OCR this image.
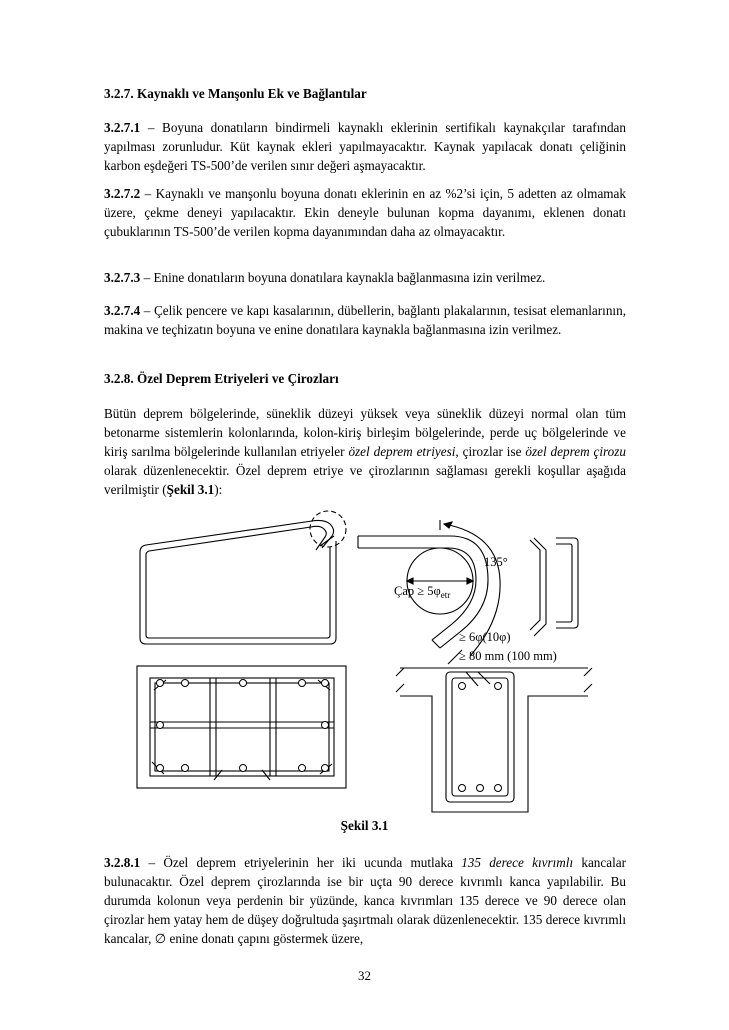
3.2.7. Kaynaklı ve Manşonlu Ek ve Bağlantılar
3.2.7.1 – Boyuna donatıların bindirmeli kaynaklı eklerinin sertifikalı kaynakçılar tarafından yapılması zorunludur. Küt kaynak ekleri yapılmayacaktır. Kaynak yapılacak donatı çeliğinin karbon eşdeğeri TS-500’de verilen sınır değeri aşmayacaktır.
3.2.7.2 – Kaynaklı ve manşonlu boyuna donatı eklerinin en az %2’si için, 5 adetten az olmamak üzere, çekme deneyi yapılacaktır. Ekin deneyle bulunan kopma dayanımı, eklenen donatı çubuklarının TS-500’de verilen kopma dayanımından daha az olmayacaktır.
3.2.7.3 – Enine donatıların boyuna donatılara kaynakla bağlanmasına izin verilmez.
3.2.7.4 – Çelik pencere ve kapı kasalarının, dübellerin, bağlantı plakalarının, tesisat elemanlarının, makina ve teçhizatın boyuna ve enine donatılara kaynakla bağlanmasına izin verilmez.
3.2.8. Özel Deprem Etriyeleri ve Çirozları
Bütün deprem bölgelerinde, süneklik düzeyi yüksek veya süneklik düzeyi normal olan tüm betonarme sistemlerin kolonlarında, kolon-kiriş birleşim bölgelerinde, perde uç bölgelerinde ve kiriş sarılma bölgelerinde kullanılan etriyeler özel deprem etriyesi, çirozlar ise özel deprem çirozu olarak düzenlenecektir. Özel deprem etriye ve çirozlarının sağlaması gerekli koşullar aşağıda verilmiştir (Şekil 3.1):
135°
Çap ≥ $5\varphi_{etr}$
≥ 6φ(10φ)
≥ 80 mm (100 mm)
Şekil 3.1
3.2.8.1 – Özel deprem etriyelerinin her iki ucunda mutlaka 135 derece kıvrımlı kancalar bulunacaktır. Özel deprem çirozlarında ise bir uçta 90 derece kıvrımlı kanca yapılabilir. Bu durumda kolonun veya perdenin bir yüzünde, kanca kıvrımları 135 derece ve 90 derece olan çirozlar hem yatay hem de düşey doğrultuda şaşırtmalı olarak düzenlenecektir. 135 derece kıvrımlı kancalar, ∅ enine donatı çapını göstermek üzere,
32
